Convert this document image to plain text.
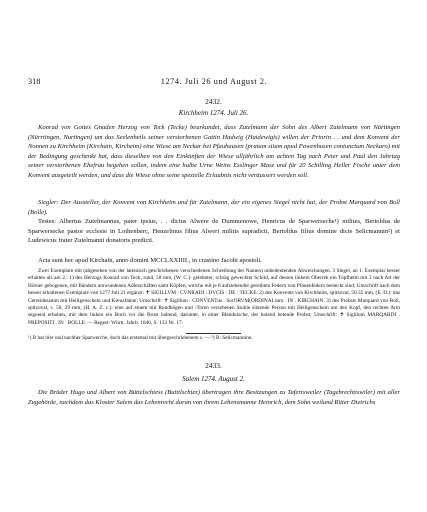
318	1274. Juli 26 und August 2.
2432.
Kirchheim 1274. Juli 26.

Konrad von Gottes Gnaden Herzog von Teck (Tecke) beurkundet, dass Zutelmann der Sohn des Albert Zutelmann von Nürtingen (Nürrtingen, Nurtingen) um das Seelenheils seiner verstorbenen Gattin Hadwig (Haidewigis) willen der Priorin . . und dem Konvent der Nonnen zu Kirchheim (Kirchain, Kircheim) eine Wiese am Neckar bei Pfauhausen (pratum situm apud Pawenhusen coniunctum Neckaro) mit der Bedingung geschenkt hat, dass dieselben von den Einkünften der Wiese alljährlich am achten Tag nach Peter und Paul den Jahrtag seiner verstorbenen Ehefrau begehen sollen, indem eine halbe Urne Weins Esslinger Masz und für 20 Schilling Heller Fische unter dem Konvent ausgeteilt werden, und dass die Wiese ohne seine spezielle Erlaubnis nicht veräussert werden soll.

Siegler: Der Aussteller, der Konvent von Kirchheim und für Zutelmann, der ein eigenes Siegel nicht hat, der Probst Marquard von Boll (Bolle).

Testes: Albertus Zutelmannus, pater ipsius, . . dictus Alwere de Dummenowe, Henricus de Sparwerseche¹) milites, Bertoldus de Sparwersecke pastor ecclesie in Lothenberc, Henzelinus filius Alweri militis supradicti, Bertoldus filius domine dicte Selicmannin²) et Ludewicus frater Zutelmanni donatoris predicti.

Acta sunt hec apud Kirchain, anno domini MCCLXXIIII., in crastino Jacobi apostoli.

Zwei Exemplare mit (abgesehen von der lateinisch geschriebenen verschiedenen Schreibung der Namen) unbedeutenden Abweichungen. 3 Siegel, an 1. Exemplar besser erhalten als am 2.: 1) des Herzogs Konrad von Teck, rund, 58 mm, (W. C.): gelehnter, schräg geweckter Schild, auf dessen linkem Oberrek ein Topfhelm mit 2 nach Art der Hörner gebogenen, mit Bändern umwundenen Adlerschäften samt Köpfen, welche mit je 8 aufstehender gereihten Federn von Pfauenfedern besteckt sind; Umschrift nach dem besser erhaltenen Exemplare von 1277 Juli 21 ergänzt: ✝ SIGILLVM : CVNRADI : DVCIS : DE : TECKE. 2) des Konvents von Kirchheim, spitzoval, 50.35 mm, (E. D.): das Getreidesamm mit Heiligenschein und Kreuzfahne; Umschrift: ✝ Sigillum . CONVENTus . SorORVM(ORDINAL)um . IN . KIRCHAIN. 3) des Probsts Marquard von Boll, spitzoval, c. 50, 29 mm, (H. A. Z. c.): eine auf einem mit Rundbögen und -Toren versehenen Stuhle sitzende Person mit Heiligenschein um den Kopf, den rechten Arm segnend erhoben, mit dem linken ein Buch vor die Brust haltend, darunter, in einer Blendnische, der kniend betende Probst; Umschrift: ✝ Sigillum MARQARDI . PREPOSITI . IN . BOLLE. — Regest: Württ. Jahrb. 1846, S. 133 Nr. 17.

¹) B hat hier und nachher Sparwerche, doch das erstemal mit übergeschriebenem s. — ²) B: Selicmanninn.

2433.
Salem 1274. August 2.

Die Brüder Hugo und Albert von Büttelschiess (Buttilschiez) übertragen ihre Besitzungen zu Tafertsweiler (Tagebrechtiswiler) mit aller Zugehörde, nachdem das Kloster Salem das Lehenrecht daran von ihrem Lehensmanne Heinrich, dem Sohn weiland Ritter Dietrichs
